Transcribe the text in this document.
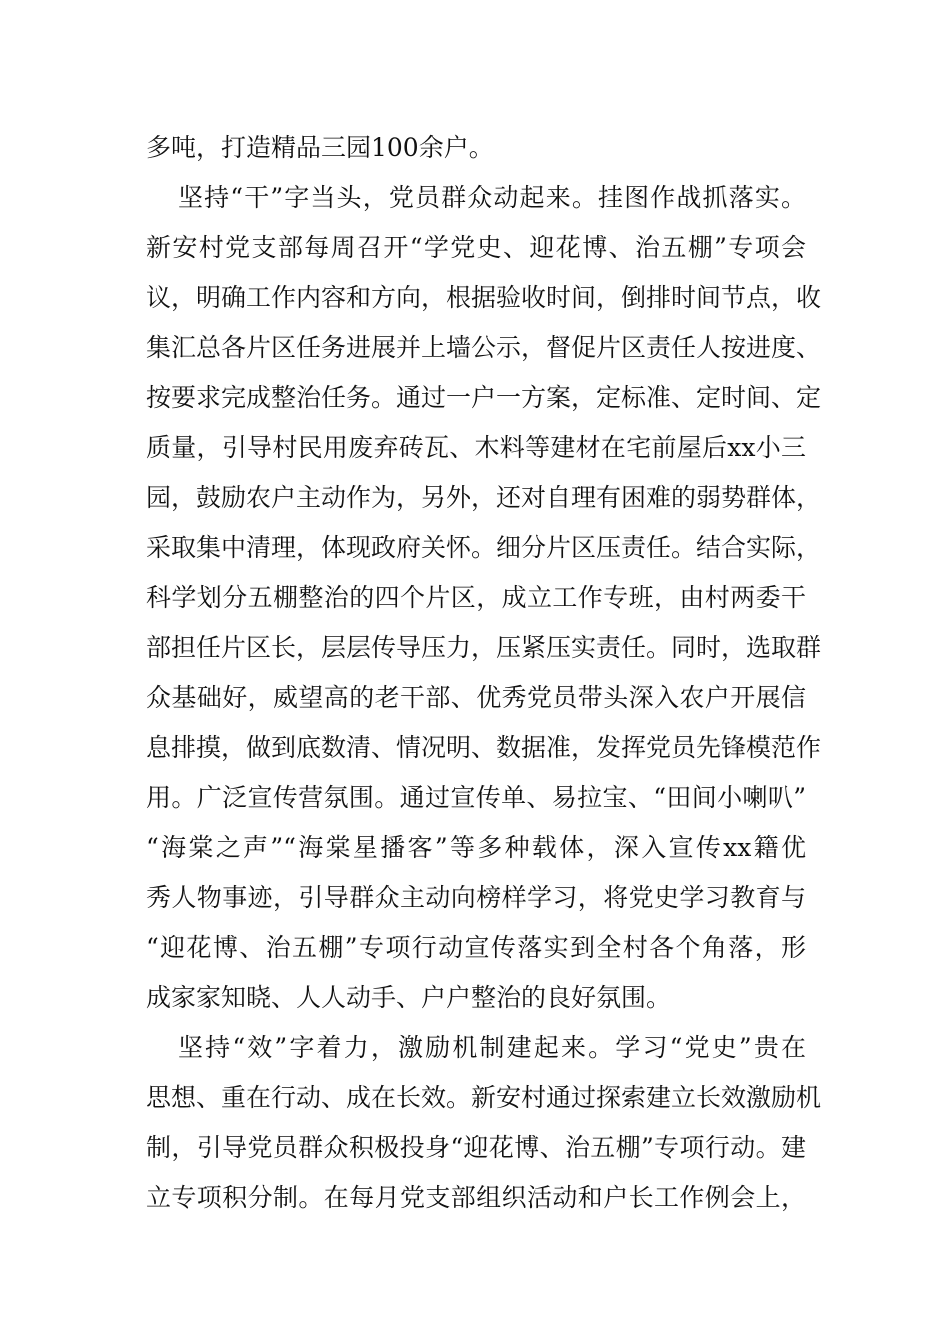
多吨，打造精品三园100余户。
坚持“干”字当头，党员群众动起来。挂图作战抓落实。
新安村党支部每周召开“学党史、迎花博、治五棚”专项会
议，明确工作内容和方向，根据验收时间，倒排时间节点，收
集汇总各片区任务进展并上墙公示，督促片区责任人按进度、
按要求完成整治任务。通过一户一方案，定标准、定时间、定
质量，引导村民用废弃砖瓦、木料等建材在宅前屋后xx小三
园，鼓励农户主动作为，另外，还对自理有困难的弱势群体，
采取集中清理，体现政府关怀。细分片区压责任。结合实际，
科学划分五棚整治的四个片区，成立工作专班，由村两委干
部担任片区长，层层传导压力，压紧压实责任。同时，选取群
众基础好，威望高的老干部、优秀党员带头深入农户开展信
息排摸，做到底数清、情况明、数据准，发挥党员先锋模范作
用。广泛宣传营氛围。通过宣传单、易拉宝、“田间小喇叭”
“海棠之声”“海棠星播客”等多种载体，深入宣传xx籍优
秀人物事迹，引导群众主动向榜样学习，将党史学习教育与
“迎花博、治五棚”专项行动宣传落实到全村各个角落，形
成家家知晓、人人动手、户户整治的良好氛围。
坚持“效”字着力，激励机制建起来。学习“党史”贵在
思想、重在行动、成在长效。新安村通过探索建立长效激励机
制，引导党员群众积极投身“迎花博、治五棚”专项行动。建
立专项积分制。在每月党支部组织活动和户长工作例会上，
